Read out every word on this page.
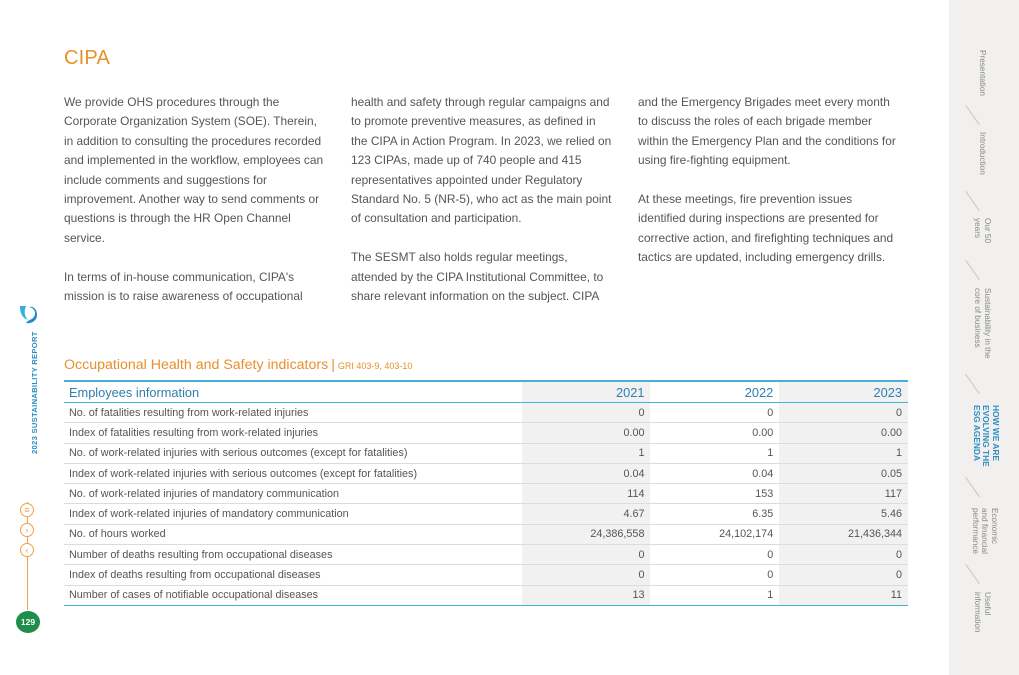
CIPA

We provide OHS procedures through the Corporate Organization System (SOE). Therein, in addition to consulting the procedures recorded and implemented in the workflow, employees can include comments and suggestions for improvement. Another way to send comments or questions is through the HR Open Channel service.

In terms of in-house communication, CIPA's mission is to raise awareness of occupational

health and safety through regular campaigns and to promote preventive measures, as defined in the CIPA in Action Program. In 2023, we relied on 123 CIPAs, made up of 740 people and 415 representatives appointed under Regulatory Standard No. 5 (NR-5), who act as the main point of consultation and participation.

The SESMT also holds regular meetings, attended by the CIPA Institutional Committee, to share relevant information on the subject. CIPA

and the Emergency Brigades meet every month to discuss the roles of each brigade member within the Emergency Plan and the conditions for using fire-fighting equipment.

At these meetings, fire prevention issues identified during inspections are presented for corrective action, and firefighting techniques and tactics are updated, including emergency drills.

Occupational Health and Safety indicators | GRI 403-9, 403-10
Employees information	2021	2022	2023
No. of fatalities resulting from work-related injuries	0	0	0
Index of fatalities resulting from work-related injuries	0.00	0.00	0.00
No. of work-related injuries with serious outcomes (except for fatalities)	1	1	1
Index of work-related injuries with serious outcomes (except for fatalities)	0.04	0.04	0.05
No. of work-related injuries of mandatory communication	114	153	117
Index of work-related injuries of mandatory communication	4.67	6.35	5.46
No. of hours worked	24,386,558	24,102,174	21,436,344
Number of deaths resulting from occupational diseases	0	0	0
Index of deaths resulting from occupational diseases	0	0	0
Number of cases of notifiable occupational diseases	13	1	11
2023 SUSTAINABILITY REPORT
≡
›
‹
129
Presentation
Introduction
Our 50
years
Sustainability in the
core of business
HOW WE ARE
EVOLVING THE
ESG AGENDA
Economic
and financial
performance
Useful
information
